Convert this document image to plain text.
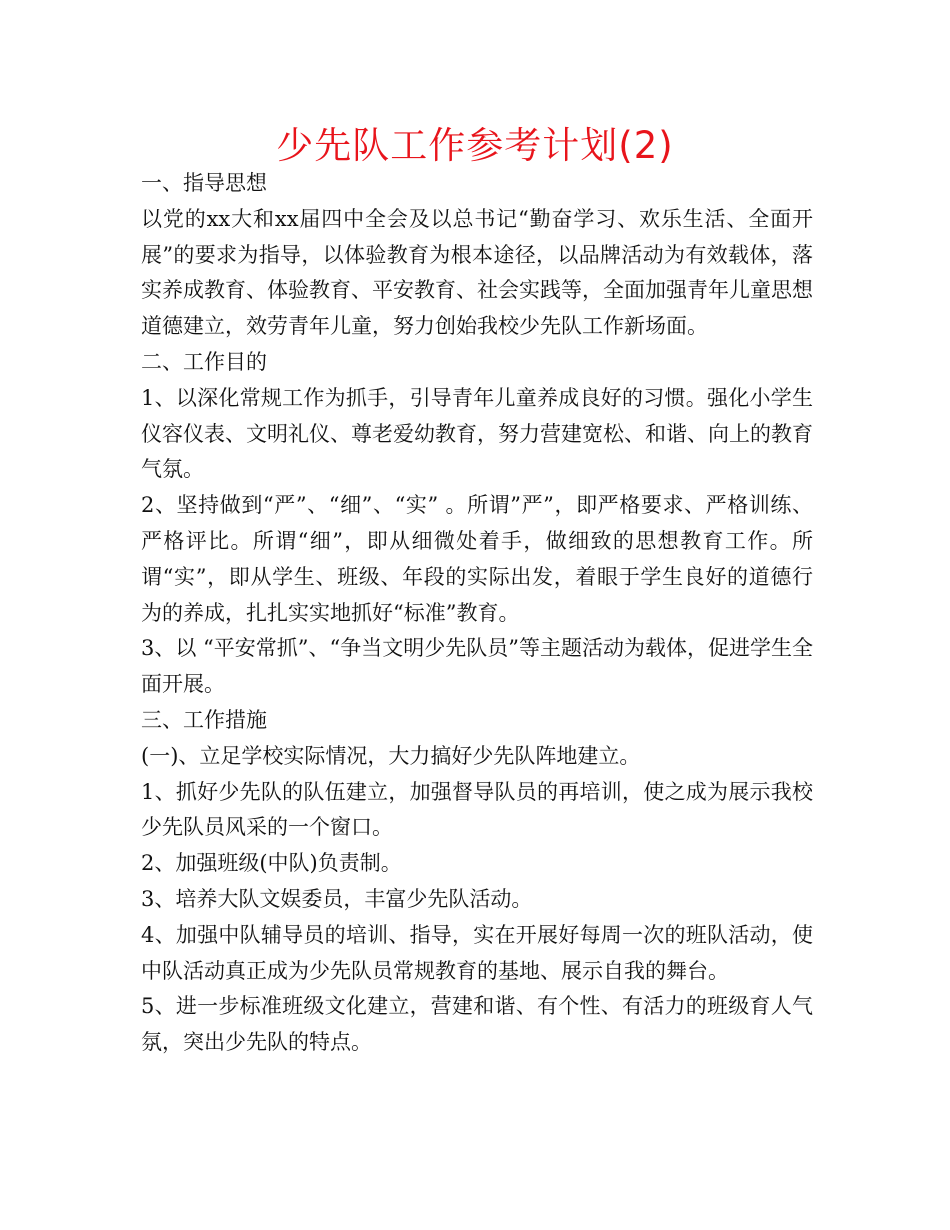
少先队工作参考计划(2)

一、指导思想

以党的xx大和xx届四中全会及以总书记“勤奋学习、欢乐生活、全面开展”的要求为指导，以体验教育为根本途径，以品牌活动为有效载体，落实养成教育、体验教育、平安教育、社会实践等，全面加强青年儿童思想道德建立，效劳青年儿童，努力创始我校少先队工作新场面。

二、工作目的

1、以深化常规工作为抓手，引导青年儿童养成良好的习惯。强化小学生仪容仪表、文明礼仪、尊老爱幼教育，努力营建宽松、和谐、向上的教育气氛。

2、坚持做到“严”、“细”、“实” 。所谓”严”，即严格要求、严格训练、严格评比。所谓“细”，即从细微处着手，做细致的思想教育工作。所谓“实”，即从学生、班级、年段的实际出发，着眼于学生良好的道德行为的养成，扎扎实实地抓好“标准”教育。

3、以 “平安常抓”、“争当文明少先队员”等主题活动为载体，促进学生全面开展。

三、工作措施

(一)、立足学校实际情况，大力搞好少先队阵地建立。

1、抓好少先队的队伍建立，加强督导队员的再培训，使之成为展示我校少先队员风采的一个窗口。

2、加强班级(中队)负责制。

3、培养大队文娱委员，丰富少先队活动。

4、加强中队辅导员的培训、指导，实在开展好每周一次的班队活动，使中队活动真正成为少先队员常规教育的基地、展示自我的舞台。

5、进一步标准班级文化建立，营建和谐、有个性、有活力的班级育人气氛，突出少先队的特点。
